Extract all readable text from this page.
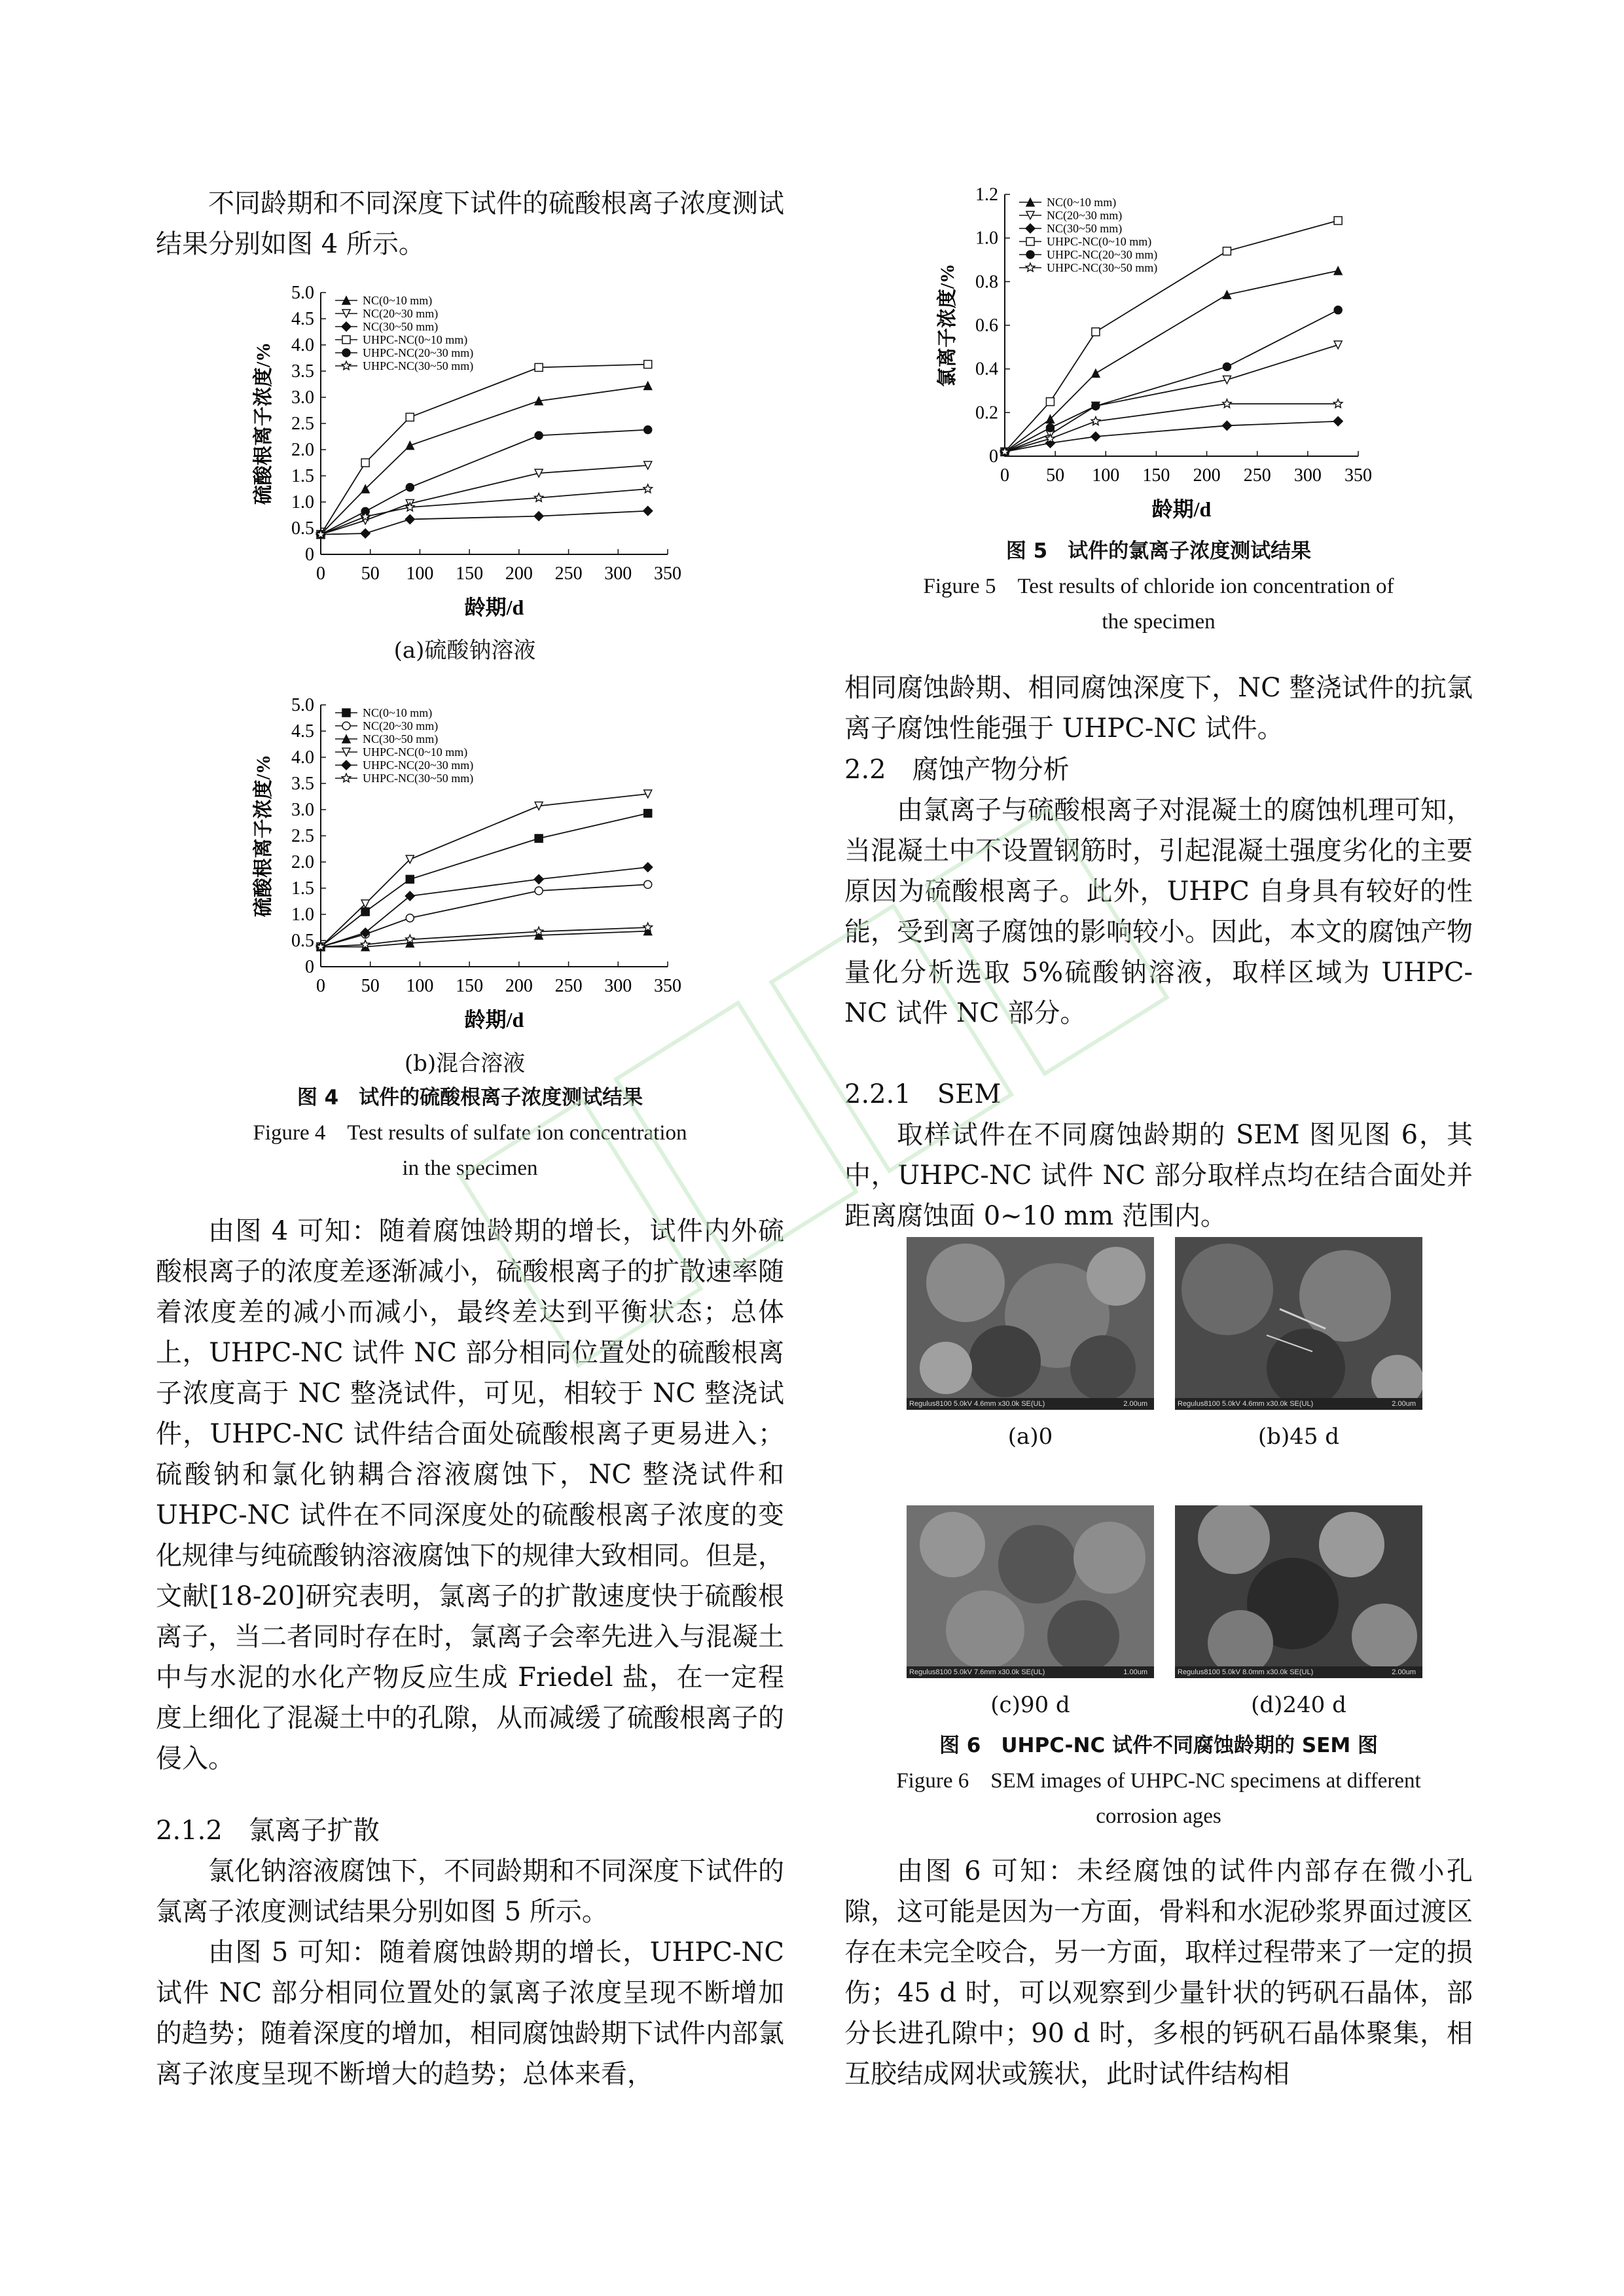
不同龄期和不同深度下试件的硫酸根离子浓度测试结果分别如图 4 所示。

0
0.5
1.0
1.5
2.0
2.5
3.0
3.5
4.0
4.5
5.0
0 50 100 150 200 250 300 350
龄期/d
硫酸根离子浓度/%
NC(0~10 mm)
NC(20~30 mm)
NC(30~50 mm)
UHPC-NC(0~10 mm)
UHPC-NC(20~30 mm)
UHPC-NC(30~50 mm)
(a)硫酸钠溶液
0
0.5
1.0
1.5
2.0
2.5
3.0
3.5
4.0
4.5
5.0
0 50 100 150 200 250 300 350
龄期/d
硫酸根离子浓度/%
NC(0~10 mm)
NC(20~30 mm)
NC(30~50 mm)
UHPC-NC(0~10 mm)
UHPC-NC(20~30 mm)
UHPC-NC(30~50 mm)
(b)混合溶液
图 4　试件的硫酸根离子浓度测试结果
Figure 4　Test results of sulfate ion concentration
in the specimen

由图 4 可知：随着腐蚀龄期的增长，试件内外硫酸根离子的浓度差逐渐减小，硫酸根离子的扩散速率随着浓度差的减小而减小，最终差达到平衡状态；总体上，UHPC-NC 试件 NC 部分相同位置处的硫酸根离子浓度高于 NC 整浇试件，可见，相较于 NC 整浇试件，UHPC-NC 试件结合面处硫酸根离子更易进入；硫酸钠和氯化钠耦合溶液腐蚀下，NC 整浇试件和 UHPC-NC 试件在不同深度处的硫酸根离子浓度的变化规律与纯硫酸钠溶液腐蚀下的规律大致相同。但是，文献[18-20]研究表明，氯离子的扩散速度快于硫酸根离子，当二者同时存在时，氯离子会率先进入与混凝土中与水泥的水化产物反应生成 Friedel 盐，在一定程度上细化了混凝土中的孔隙，从而减缓了硫酸根离子的侵入。

2.1.2　氯离子扩散

氯化钠溶液腐蚀下，不同龄期和不同深度下试件的氯离子浓度测试结果分别如图 5 所示。

由图 5 可知：随着腐蚀龄期的增长，UHPC-NC 试件 NC 部分相同位置处的氯离子浓度呈现不断增加的趋势；随着深度的增加，相同腐蚀龄期下试件内部氯离子浓度呈现不断增大的趋势；总体来看，

0
0.2
0.4
0.6
0.8
1.0
1.2
0 50 100 150 200 250 300 350
龄期/d
氯离子浓度/%
NC(0~10 mm)
NC(20~30 mm)
NC(30~50 mm)
UHPC-NC(0~10 mm)
UHPC-NC(20~30 mm)
UHPC-NC(30~50 mm)
图 5　试件的氯离子浓度测试结果
Figure 5　Test results of chloride ion concentration of
the specimen
相同腐蚀龄期、相同腐蚀深度下，NC 整浇试件的抗氯离子腐蚀性能强于 UHPC-NC 试件。
2.2　腐蚀产物分析

由氯离子与硫酸根离子对混凝土的腐蚀机理可知，当混凝土中不设置钢筋时，引起混凝土强度劣化的主要原因为硫酸根离子。此外，UHPC 自身具有较好的性能，受到离子腐蚀的影响较小。因此，本文的腐蚀产物量化分析选取 5%硫酸钠溶液，取样区域为 UHPC-NC 试件 NC 部分。

2.2.1　SEM

取样试件在不同腐蚀龄期的 SEM 图见图 6，其中，UHPC-NC 试件 NC 部分取样点均在结合面处并距离腐蚀面 0~10 mm 范围内。

Regulus8100 5.0kV 4.6mm x30.0k SE(UL)	2.00um	Regulus8100 5.0kV 4.6mm x30.0k SE(UL)	2.00um
(a)0	(b)45 d
Regulus8100 5.0kV 7.6mm x30.0k SE(UL)	1.00um	Regulus8100 5.0kV 8.0mm x30.0k SE(UL)	2.00um
(c)90 d	(d)240 d
图 6　UHPC-NC 试件不同腐蚀龄期的 SEM 图
Figure 6　SEM images of UHPC-NC specimens at different
corrosion ages

由图 6 可知：未经腐蚀的试件内部存在微小孔隙，这可能是因为一方面，骨料和水泥砂浆界面过渡区存在未完全咬合，另一方面，取样过程带来了一定的损伤；45 d 时，可以观察到少量针状的钙矾石晶体，部分长进孔隙中；90 d 时，多根的钙矾石晶体聚集，相互胶结成网状或簇状，此时试件结构相
